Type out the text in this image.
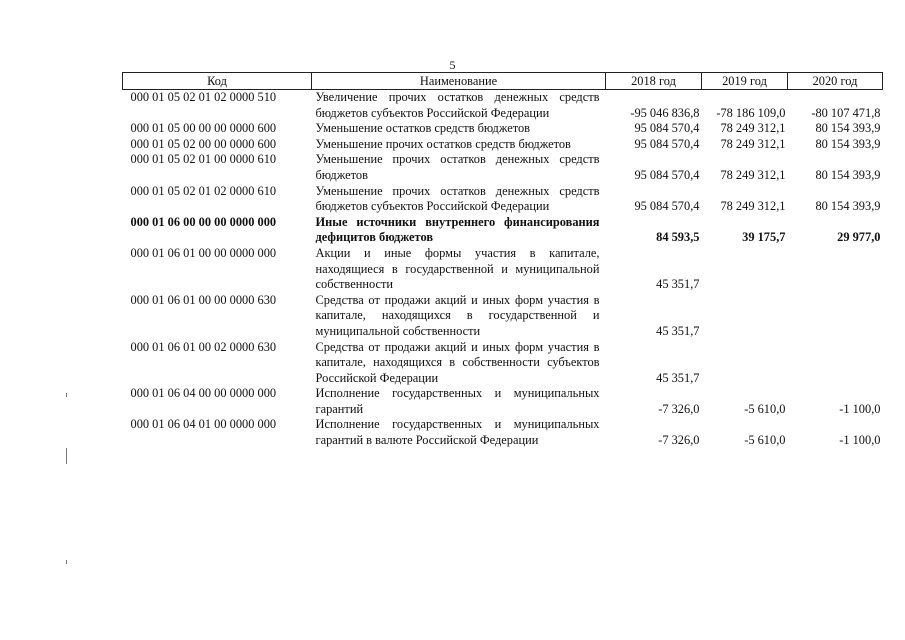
5
Код	Наименование	2018 год	2019 год	2020 год
000 01 05 02 01 02 0000 510	Увеличение прочих остатков денежных средств бюджетов субъектов Российской Федерации	-95 046 836,8	-78 186 109,0	-80 107 471,8
000 01 05 00 00 00 0000 600	Уменьшение остатков средств бюджетов	95 084 570,4	78 249 312,1	80 154 393,9
000 01 05 02 00 00 0000 600	Уменьшение прочих остатков средств бюджетов	95 084 570,4	78 249 312,1	80 154 393,9
000 01 05 02 01 00 0000 610	Уменьшение прочих остатков денежных средств бюджетов	95 084 570,4	78 249 312,1	80 154 393,9
000 01 05 02 01 02 0000 610	Уменьшение прочих остатков денежных средств бюджетов субъектов Российской Федерации	95 084 570,4	78 249 312,1	80 154 393,9
000 01 06 00 00 00 0000 000	Иные источники внутреннего финансирования дефицитов бюджетов	84 593,5	39 175,7	29 977,0
000 01 06 01 00 00 0000 000	Акции и иные формы участия в капитале, находящиеся в государственной и муниципальной собственности	45 351,7		
000 01 06 01 00 00 0000 630	Средства от продажи акций и иных форм участия в капитале, находящихся в государственной и муниципальной собственности	45 351,7		
000 01 06 01 00 02 0000 630	Средства от продажи акций и иных форм участия в капитале, находящихся в собственности субъектов Российской Федерации	45 351,7		
000 01 06 04 00 00 0000 000	Исполнение государственных и муниципальных гарантий	-7 326,0	-5 610,0	-1 100,0
000 01 06 04 01 00 0000 000	Исполнение государственных и муниципальных гарантий в валюте Российской Федерации	-7 326,0	-5 610,0	-1 100,0
